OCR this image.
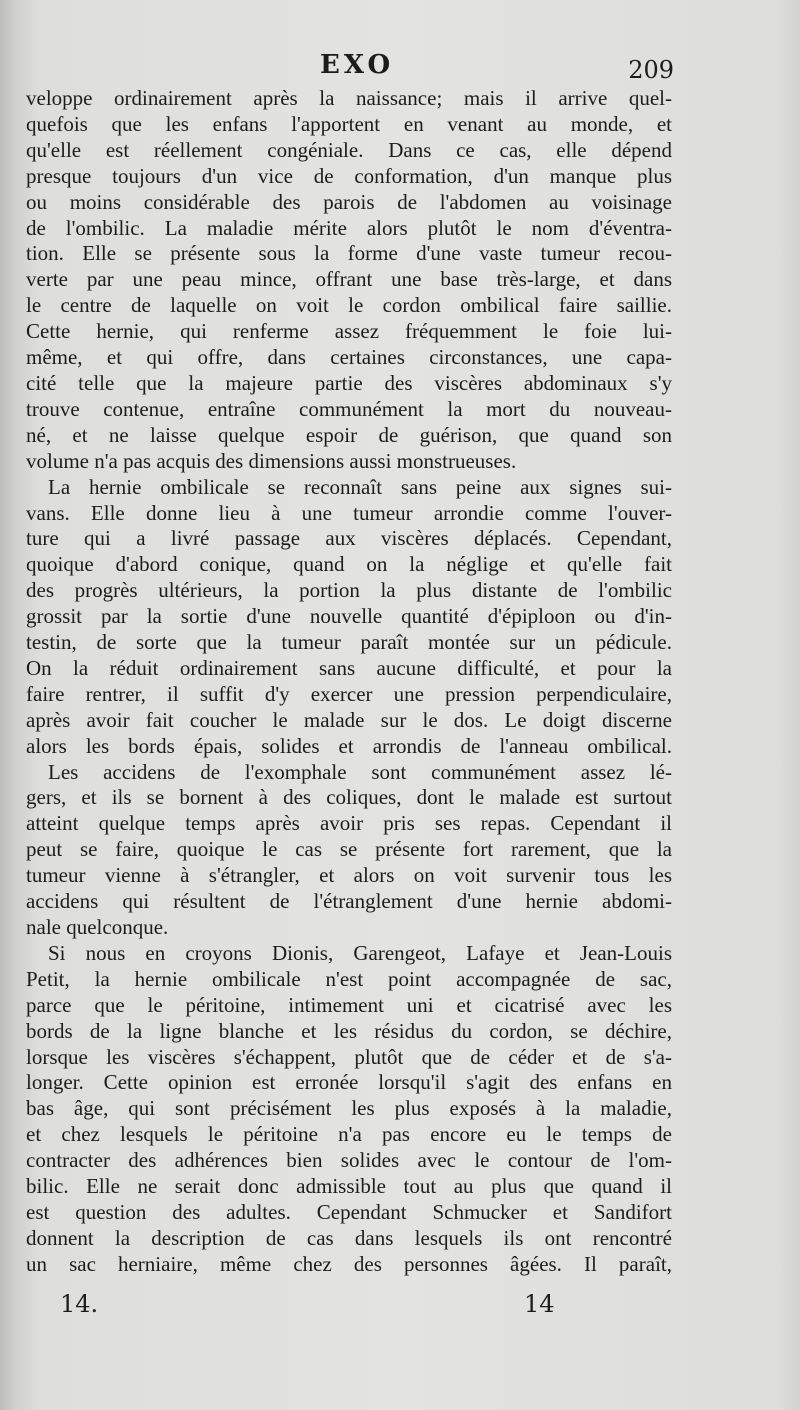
EXO	209
veloppe ordinairement après la naissance; mais il arrive quel-
quefois que les enfans l'apportent en venant au monde, et
qu'elle est réellement congéniale. Dans ce cas, elle dépend
presque toujours d'un vice de conformation, d'un manque plus
ou moins considérable des parois de l'abdomen au voisinage
de l'ombilic. La maladie mérite alors plutôt le nom d'éventra-
tion. Elle se présente sous la forme d'une vaste tumeur recou-
verte par une peau mince, offrant une base très-large, et dans
le centre de laquelle on voit le cordon ombilical faire saillie.
Cette hernie, qui renferme assez fréquemment le foie lui-
même, et qui offre, dans certaines circonstances, une capa-
cité telle que la majeure partie des viscères abdominaux s'y
trouve contenue, entraîne communément la mort du nouveau-
né, et ne laisse quelque espoir de guérison, que quand son
volume n'a pas acquis des dimensions aussi monstrueuses.
La hernie ombilicale se reconnaît sans peine aux signes sui-
vans. Elle donne lieu à une tumeur arrondie comme l'ouver-
ture qui a livré passage aux viscères déplacés. Cependant,
quoique d'abord conique, quand on la néglige et qu'elle fait
des progrès ultérieurs, la portion la plus distante de l'ombilic
grossit par la sortie d'une nouvelle quantité d'épiploon ou d'in-
testin, de sorte que la tumeur paraît montée sur un pédicule.
On la réduit ordinairement sans aucune difficulté, et pour la
faire rentrer, il suffit d'y exercer une pression perpendiculaire,
après avoir fait coucher le malade sur le dos. Le doigt discerne
alors les bords épais, solides et arrondis de l'anneau ombilical.
Les accidens de l'exomphale sont communément assez lé-
gers, et ils se bornent à des coliques, dont le malade est surtout
atteint quelque temps après avoir pris ses repas. Cependant il
peut se faire, quoique le cas se présente fort rarement, que la
tumeur vienne à s'étrangler, et alors on voit survenir tous les
accidens qui résultent de l'étranglement d'une hernie abdomi-
nale quelconque.
Si nous en croyons Dionis, Garengeot, Lafaye et Jean-Louis
Petit, la hernie ombilicale n'est point accompagnée de sac,
parce que le péritoine, intimement uni et cicatrisé avec les
bords de la ligne blanche et les résidus du cordon, se déchire,
lorsque les viscères s'échappent, plutôt que de céder et de s'a-
longer. Cette opinion est erronée lorsqu'il s'agit des enfans en
bas âge, qui sont précisément les plus exposés à la maladie,
et chez lesquels le péritoine n'a pas encore eu le temps de
contracter des adhérences bien solides avec le contour de l'om-
bilic. Elle ne serait donc admissible tout au plus que quand il
est question des adultes. Cependant Schmucker et Sandifort
donnent la description de cas dans lesquels ils ont rencontré
un sac herniaire, même chez des personnes âgées. Il paraît,
14.	14
